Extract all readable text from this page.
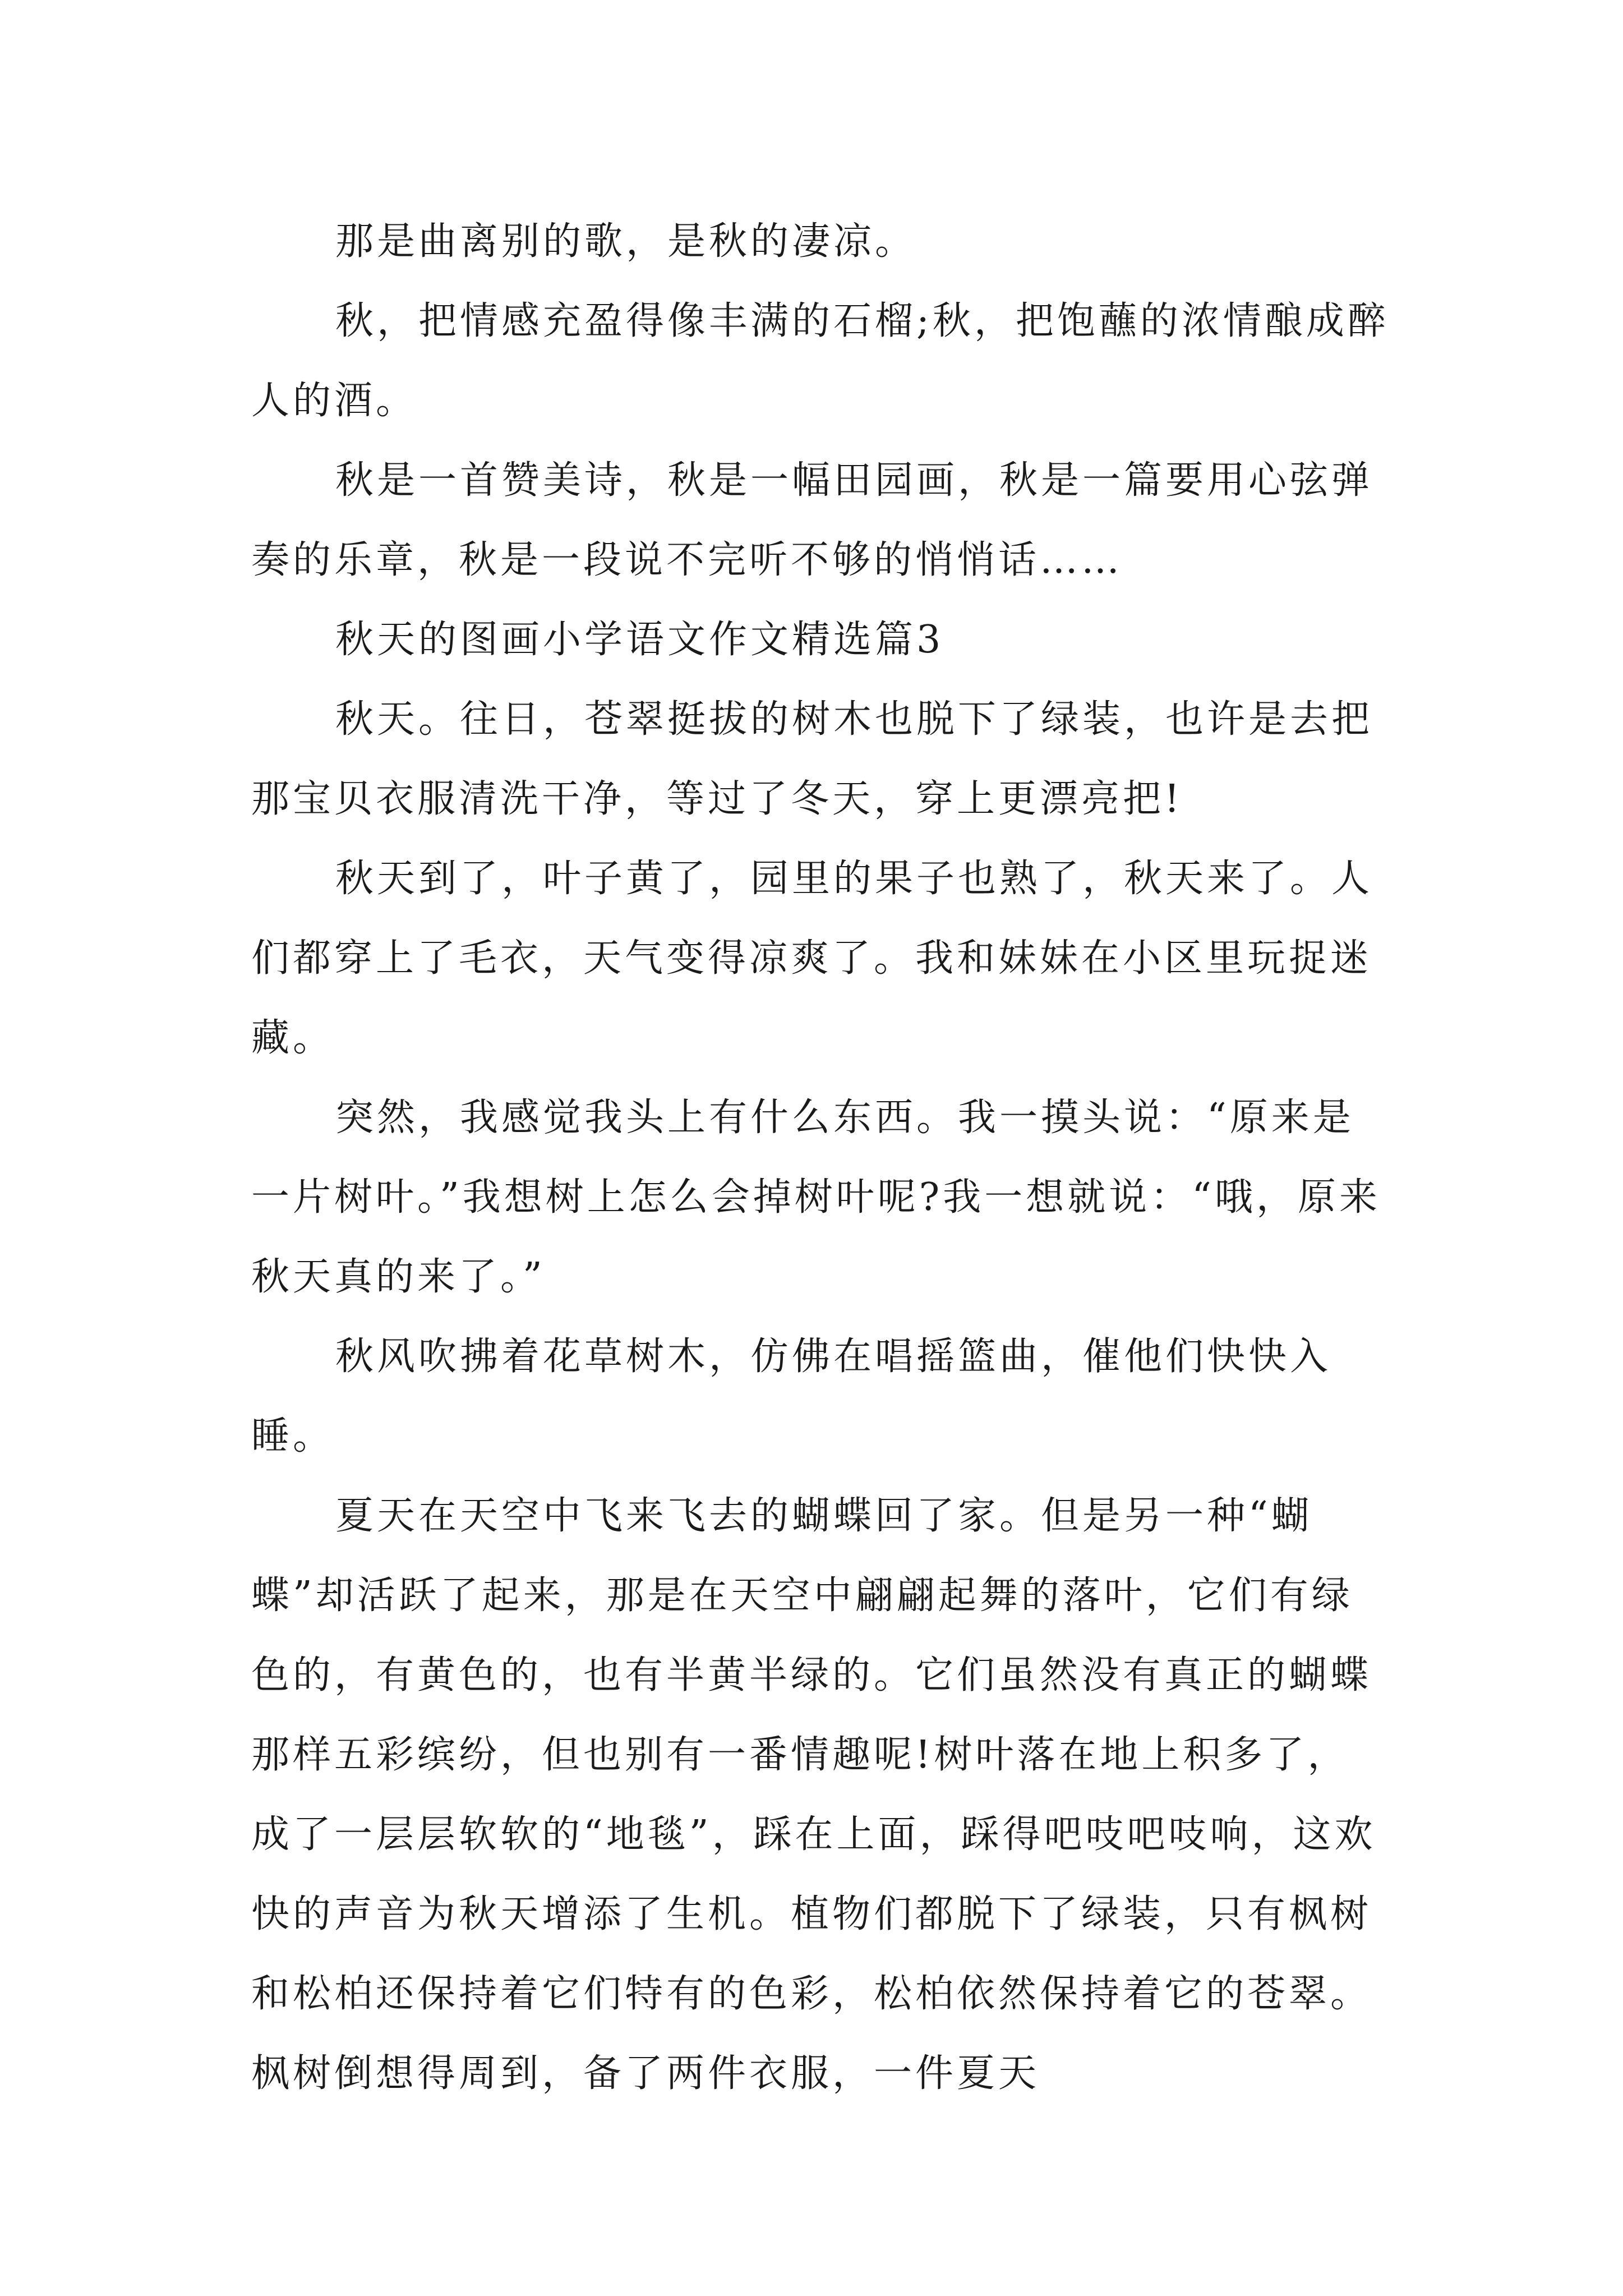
那是曲离别的歌，是秋的凄凉。

秋，把情感充盈得像丰满的石榴;秋，把饱蘸的浓情酿成醉人的酒。

秋是一首赞美诗，秋是一幅田园画，秋是一篇要用心弦弹奏的乐章，秋是一段说不完听不够的悄悄话……

秋天的图画小学语文作文精选篇3

秋天。往日，苍翠挺拔的树木也脱下了绿装，也许是去把那宝贝衣服清洗干净，等过了冬天，穿上更漂亮把!

秋天到了，叶子黄了，园里的果子也熟了，秋天来了。人们都穿上了毛衣，天气变得凉爽了。我和妹妹在小区里玩捉迷藏。

突然，我感觉我头上有什么东西。我一摸头说：“原来是一片树叶。”我想树上怎么会掉树叶呢?我一想就说：“哦，原来秋天真的来了。”

秋风吹拂着花草树木，仿佛在唱摇篮曲，催他们快快入睡。

夏天在天空中飞来飞去的蝴蝶回了家。但是另一种“蝴蝶”却活跃了起来，那是在天空中翩翩起舞的落叶，它们有绿色的，有黄色的，也有半黄半绿的。它们虽然没有真正的蝴蝶那样五彩缤纷，但也别有一番情趣呢!树叶落在地上积多了，成了一层层软软的“地毯”，踩在上面，踩得吧吱吧吱响，这欢快的声音为秋天增添了生机。植物们都脱下了绿装，只有枫树和松柏还保持着它们特有的色彩，松柏依然保持着它的苍翠。枫树倒想得周到，备了两件衣服，一件夏天
